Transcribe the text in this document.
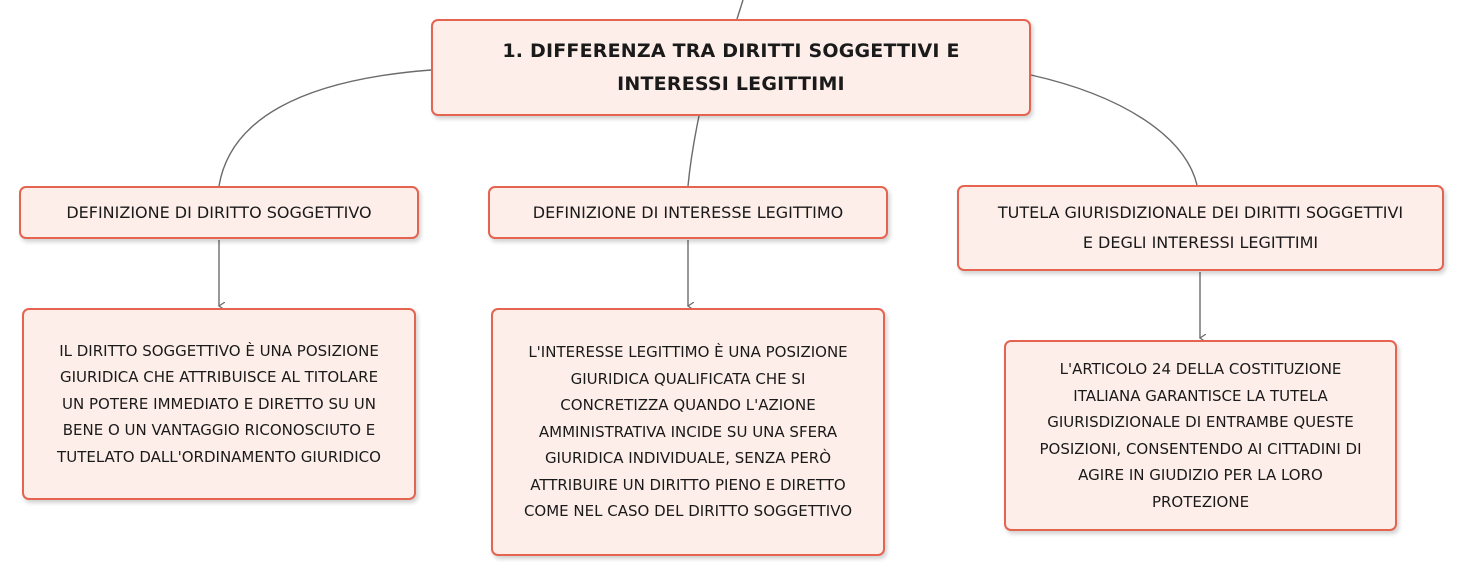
1. DIFFERENZA TRA DIRITTI SOGGETTIVI E
INTERESSI LEGITTIMI
DEFINIZIONE DI DIRITTO SOGGETTIVO	DEFINIZIONE DI INTERESSE LEGITTIMO	TUTELA GIURISDIZIONALE DEI DIRITTI SOGGETTIVI
E DEGLI INTERESSI LEGITTIMI
IL DIRITTO SOGGETTIVO È UNA POSIZIONE
GIURIDICA CHE ATTRIBUISCE AL TITOLARE
UN POTERE IMMEDIATO E DIRETTO SU UN
BENE O UN VANTAGGIO RICONOSCIUTO E
TUTELATO DALL'ORDINAMENTO GIURIDICO
L'INTERESSE LEGITTIMO È UNA POSIZIONE
GIURIDICA QUALIFICATA CHE SI
CONCRETIZZA QUANDO L'AZIONE
AMMINISTRATIVA INCIDE SU UNA SFERA
GIURIDICA INDIVIDUALE, SENZA PERÒ
ATTRIBUIRE UN DIRITTO PIENO E DIRETTO
COME NEL CASO DEL DIRITTO SOGGETTIVO
L'ARTICOLO 24 DELLA COSTITUZIONE
ITALIANA GARANTISCE LA TUTELA
GIURISDIZIONALE DI ENTRAMBE QUESTE
POSIZIONI, CONSENTENDO AI CITTADINI DI
AGIRE IN GIUDIZIO PER LA LORO
PROTEZIONE
